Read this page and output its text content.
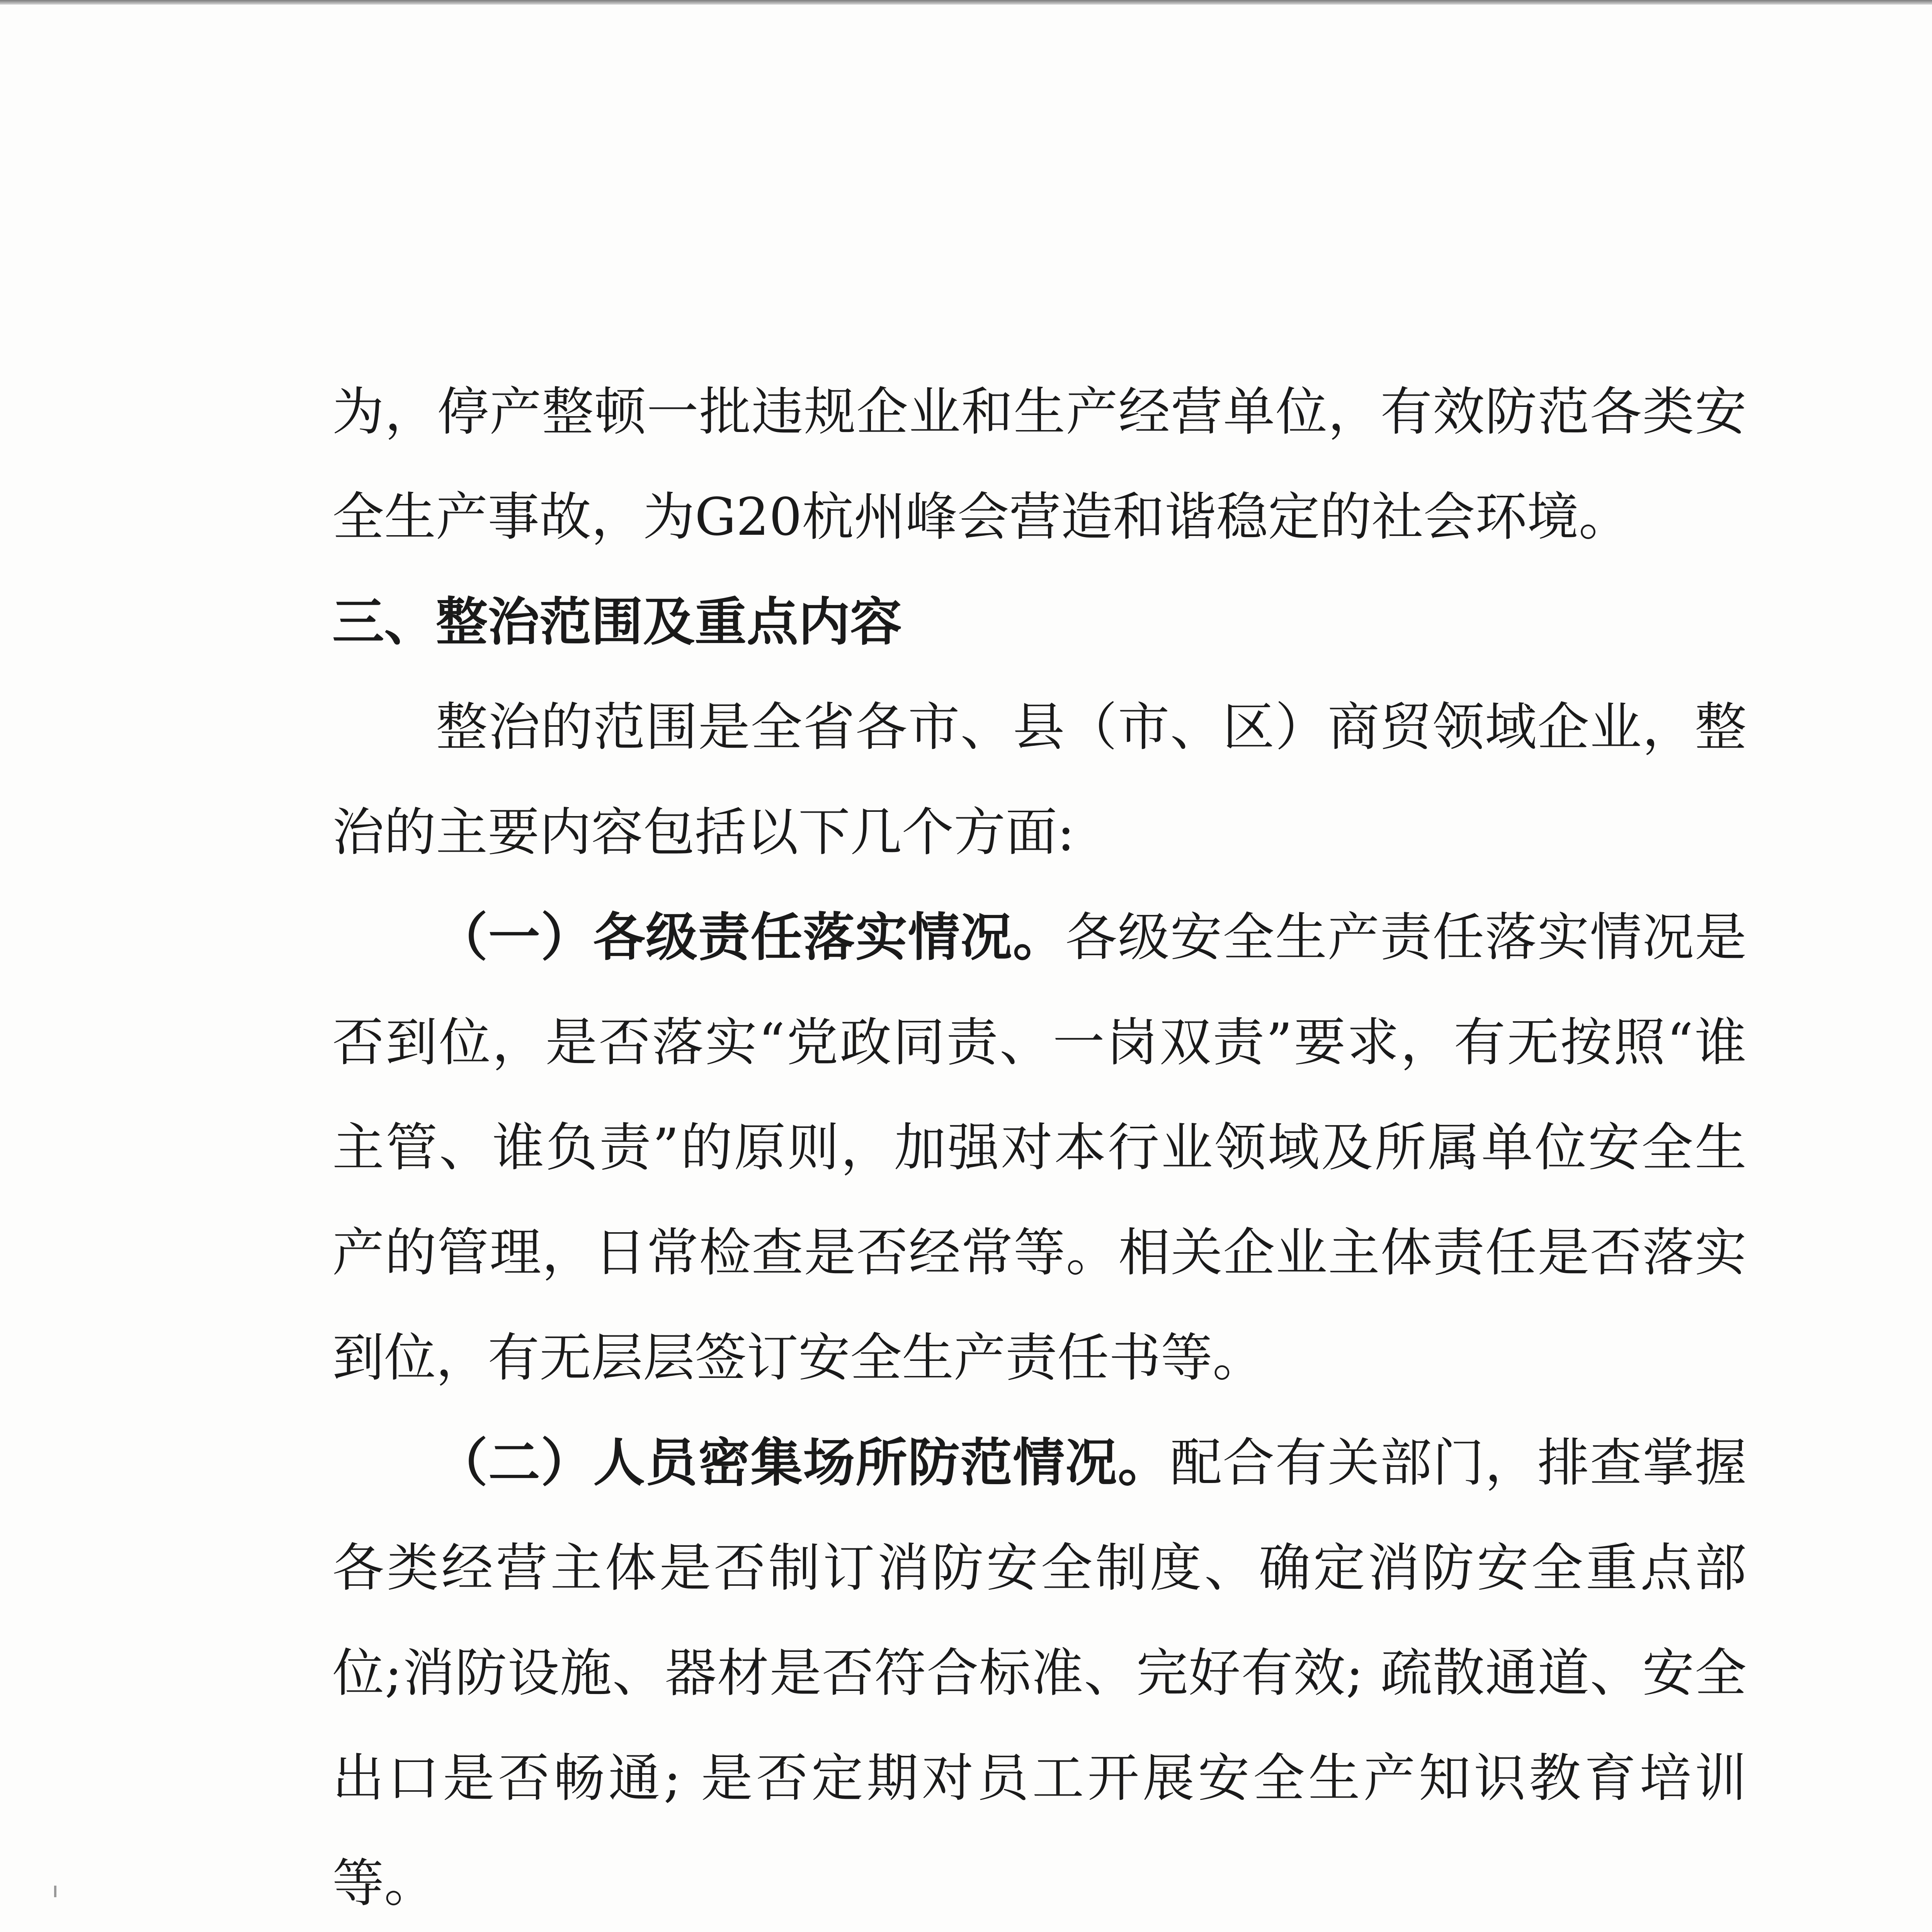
为，停产整顿一批违规企业和生产经营单位，有效防范各类安全生产事故，为G20杭州峰会营造和谐稳定的社会环境。

三、整治范围及重点内容

整治的范围是全省各市、县（市、区）商贸领域企业，整治的主要内容包括以下几个方面:

（一）各级责任落实情况。各级安全生产责任落实情况是否到位，是否落实“党政同责、一岗双责”要求，有无按照“谁主管、谁负责”的原则，加强对本行业领域及所属单位安全生产的管理，日常检查是否经常等。相关企业主体责任是否落实到位，有无层层签订安全生产责任书等。

（二）人员密集场所防范情况。配合有关部门，排查掌握各类经营主体是否制订消防安全制度、确定消防安全重点部位;消防设施、器材是否符合标准、完好有效; 疏散通道、安全出口是否畅通; 是否定期对员工开展安全生产知识教育培训等。
